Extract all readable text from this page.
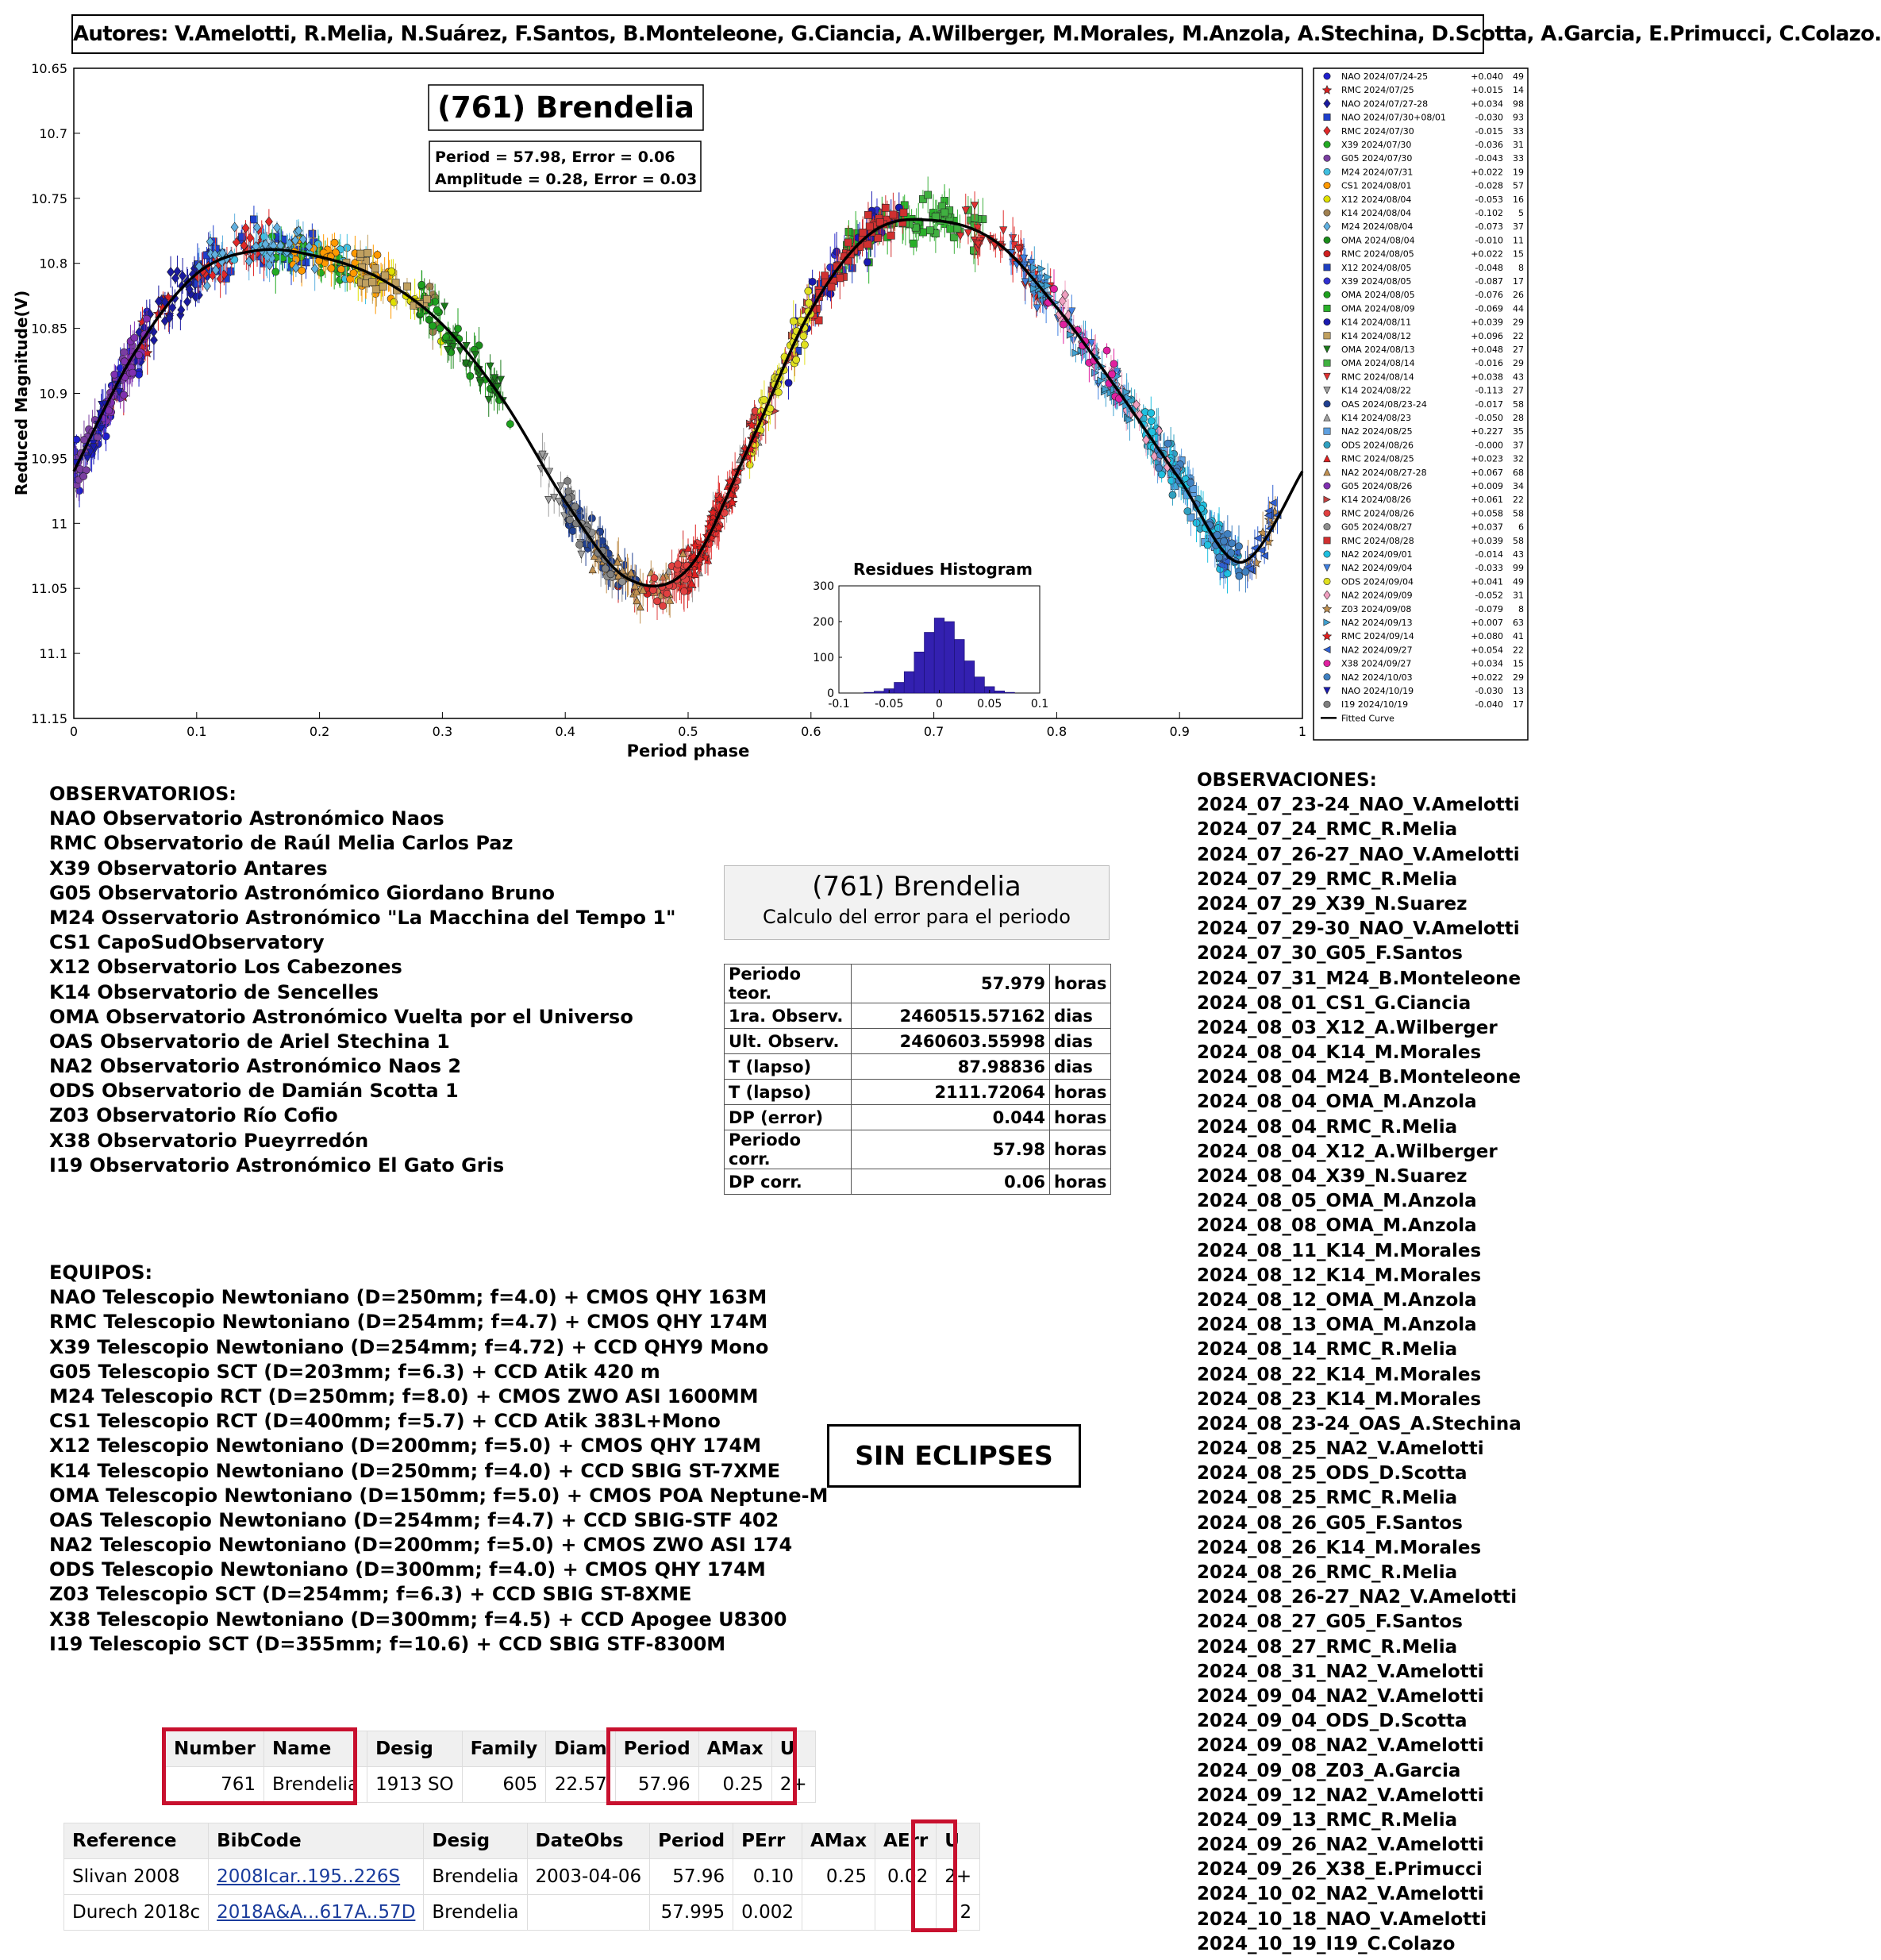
Autores: V.Amelotti, R.Melia, N.Suárez, F.Santos, B.Monteleone, G.Ciancia, A.Wilberger, M.Morales, M.Anzola, A.Stechina, D.Scotta, A.Garcia, E.Primucci, C.Colazo.
10.65
10.7
10.75
10.8
10.85
10.9
10.95
11
11.05
11.1
11.15
0	0.1	0.2	0.3	0.4	0.5	0.6	0.7	0.8	0.9	1
Reduced Magnitude(V)
Period phase
(761) Brendelia
Period = 57.98, Error = 0.06
Amplitude = 0.28, Error = 0.03
Residues Histogram
-0.1 -0.05	0	0.05	0.1
0
100
200
300
NAO 2024/07/24-25	+0.040 49
RMC 2024/07/25	+0.015 14
NAO 2024/07/27-28	+0.034 98
NAO 2024/07/30+08/01	-0.030 93
RMC 2024/07/30	-0.015 33
X39 2024/07/30	-0.036 31
G05 2024/07/30	-0.043 33
M24 2024/07/31	+0.022 19
CS1 2024/08/01	-0.028 57
X12 2024/08/04	-0.053 16
K14 2024/08/04	-0.102 5
M24 2024/08/04	-0.073 37
OMA 2024/08/04	-0.010 11
RMC 2024/08/05	+0.022 15
X12 2024/08/05	-0.048 8
X39 2024/08/05	-0.087 17
OMA 2024/08/05	-0.076 26
OMA 2024/08/09	-0.069 44
K14 2024/08/11	+0.039 29
K14 2024/08/12	+0.096 22
OMA 2024/08/13	+0.048 27
OMA 2024/08/14	-0.016 29
RMC 2024/08/14	+0.038 43
K14 2024/08/22	-0.113 27
OAS 2024/08/23-24	-0.017 58
K14 2024/08/23	-0.050 28
NA2 2024/08/25	+0.227 35
ODS 2024/08/26	-0.000 37
RMC 2024/08/25	+0.023 32
NA2 2024/08/27-28	+0.067 68
G05 2024/08/26	+0.009 34
K14 2024/08/26	+0.061 22
RMC 2024/08/26	+0.058 58
G05 2024/08/27	+0.037 6
RMC 2024/08/28	+0.039 58
NA2 2024/09/01	-0.014 43
NA2 2024/09/04	-0.033 99
ODS 2024/09/04	+0.041 49
NA2 2024/09/09	-0.052 31
Z03 2024/09/08	-0.079 8
NA2 2024/09/13	+0.007 63
RMC 2024/09/14	+0.080 41
NA2 2024/09/27	+0.054 22
X38 2024/09/27	+0.034 15
NA2 2024/10/03	+0.022 29
NAO 2024/10/19	-0.030 13
I19 2024/10/19	-0.040 17
Fitted Curve
OBSERVATORIOS:
NAO Observatorio Astronómico Naos
RMC Observatorio de Raúl Melia Carlos Paz
X39 Observatorio Antares
G05 Observatorio Astronómico Giordano Bruno
M24 Osservatorio Astronómico "La Macchina del Tempo 1"
CS1 CapoSudObservatory
X12 Observatorio Los Cabezones
K14 Observatorio de Sencelles
OMA Observatorio Astronómico Vuelta por el Universo
OAS Observatorio de Ariel Stechina 1
NA2 Observatorio Astronómico Naos 2
ODS Observatorio de Damián Scotta 1
Z03 Observatorio Río Cofio
X38 Observatorio Pueyrredón
I19 Observatorio Astronómico El Gato Gris
EQUIPOS:
NAO Telescopio Newtoniano (D=250mm; f=4.0) + CMOS QHY 163M
RMC Telescopio Newtoniano (D=254mm; f=4.7) + CMOS QHY 174M
X39 Telescopio Newtoniano (D=254mm; f=4.72) + CCD QHY9 Mono
G05 Telescopio SCT (D=203mm; f=6.3) + CCD Atik 420 m
M24 Telescopio RCT (D=250mm; f=8.0) + CMOS ZWO ASI 1600MM
CS1 Telescopio RCT (D=400mm; f=5.7) + CCD Atik 383L+Mono
X12 Telescopio Newtoniano (D=200mm; f=5.0) + CMOS QHY 174M
K14 Telescopio Newtoniano (D=250mm; f=4.0) + CCD SBIG ST-7XME
OMA Telescopio Newtoniano (D=150mm; f=5.0) + CMOS POA Neptune-M
OAS Telescopio Newtoniano (D=254mm; f=4.7) + CCD SBIG-STF 402
NA2 Telescopio Newtoniano (D=200mm; f=5.0) + CMOS ZWO ASI 174
ODS Telescopio Newtoniano (D=300mm; f=4.0) + CMOS QHY 174M
Z03 Telescopio SCT (D=254mm; f=6.3) + CCD SBIG ST-8XME
X38 Telescopio Newtoniano (D=300mm; f=4.5) + CCD Apogee U8300
I19 Telescopio SCT (D=355mm; f=10.6) + CCD SBIG STF-8300M
OBSERVACIONES:
2024_07_23-24_NAO_V.Amelotti
2024_07_24_RMC_R.Melia
2024_07_26-27_NAO_V.Amelotti
2024_07_29_RMC_R.Melia
2024_07_29_X39_N.Suarez
2024_07_29-30_NAO_V.Amelotti
2024_07_30_G05_F.Santos
2024_07_31_M24_B.Monteleone
2024_08_01_CS1_G.Ciancia
2024_08_03_X12_A.Wilberger
2024_08_04_K14_M.Morales
2024_08_04_M24_B.Monteleone
2024_08_04_OMA_M.Anzola
2024_08_04_RMC_R.Melia
2024_08_04_X12_A.Wilberger
2024_08_04_X39_N.Suarez
2024_08_05_OMA_M.Anzola
2024_08_08_OMA_M.Anzola
2024_08_11_K14_M.Morales
2024_08_12_K14_M.Morales
2024_08_12_OMA_M.Anzola
2024_08_13_OMA_M.Anzola
2024_08_14_RMC_R.Melia
2024_08_22_K14_M.Morales
2024_08_23_K14_M.Morales
2024_08_23-24_OAS_A.Stechina
2024_08_25_NA2_V.Amelotti
2024_08_25_ODS_D.Scotta
2024_08_25_RMC_R.Melia
2024_08_26_G05_F.Santos
2024_08_26_K14_M.Morales
2024_08_26_RMC_R.Melia
2024_08_26-27_NA2_V.Amelotti
2024_08_27_G05_F.Santos
2024_08_27_RMC_R.Melia
2024_08_31_NA2_V.Amelotti
2024_09_04_NA2_V.Amelotti
2024_09_04_ODS_D.Scotta
2024_09_08_NA2_V.Amelotti
2024_09_08_Z03_A.Garcia
2024_09_12_NA2_V.Amelotti
2024_09_13_RMC_R.Melia
2024_09_26_NA2_V.Amelotti
2024_09_26_X38_E.Primucci
2024_10_02_NA2_V.Amelotti
2024_10_18_NAO_V.Amelotti
2024_10_19_I19_C.Colazo
(761) Brendelia
Calculo del error para el periodo
Periodo teor.	57.979	horas
1ra. Observ.	2460515.57162	dias
Ult. Observ.	2460603.55998	dias
T (lapso)	87.98836	dias
T (lapso)	2111.72064	horas
DP (error)	0.044	horas
Periodo corr.	57.98	horas
DP corr.	0.06	horas
SIN ECLIPSES
Number	Name	Desig	Family	Diam	Period	AMax	U
761	Brendelia	1913 SO	605	22.57	57.96	0.25	2+
Reference	BibCode	Desig	DateObs	Period	PErr	AMax	AErr	U
Slivan 2008	2008Icar..195..226S	Brendelia	2003-04-06	57.96	0.10	0.25	0.02	2+
Durech 2018c	2018A&A...617A..57D	Brendelia		57.995	0.002			2
